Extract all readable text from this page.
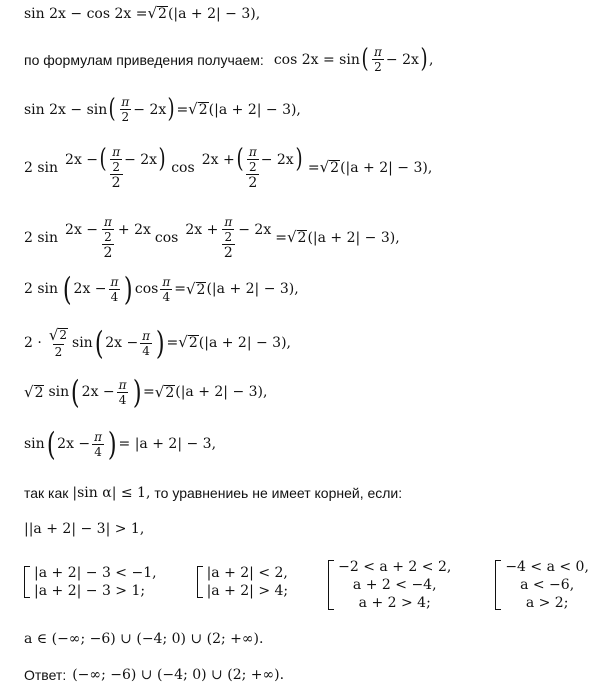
sin 2x − cos 2x = √ 2 (|a + 2| − 3),
по формулам приведения получаем: cos 2x = sin ( $\frac{\pi}{2} - 2x$ ) ,
sin 2x − sin ( $\frac{\pi}{2} - 2x$ ) = √ 2 (|a + 2| − 3),
2 $\sin \frac{2x - ( \frac{\pi}{2} - 2x )}{2}$ $\cos \frac{2x + ( \frac{\pi}{2} - 2x )}{2}$ = √ 2 (|a + 2| − 3),
2 $\sin \frac{2x - \frac{\pi}{2} + 2x}{2}$ $\cos \frac{2x + \frac{\pi}{2} - 2x}{2}$ = √ 2 (|a + 2| − 3),
2 sin ( $2x - \frac{\pi}{4}$ ) $\cos \frac{\pi}{4}$ = √ 2 (|a + 2| − 3),
$2 \cdot \frac{√ 2}{2}$ sin ( $2x - \frac{\pi}{4}$ ) = √ 2 (|a + 2| − 3),
√ 2 sin ( $2x - \frac{\pi}{4}$ ) = √ 2 (|a + 2| − 3),
sin ( $2x - \frac{\pi}{4}$ ) = |a + 2| − 3,
так как |sin α| ≤ 1, то уравнениеь не имеет корней, если:
||a + 2| − 3| > 1,
|a + 2| − 3 < −1,
|a + 2| − 3 > 1;
|a + 2| < 2,
|a + 2| > 4;
−2 < a + 2 < 2,
a + 2 < −4,
a + 2 > 4;
−4 < a < 0,
a < −6,
a > 2;
a ∈ (−∞; −6) ∪ (−4; 0) ∪ (2; +∞).
Ответ: (−∞; −6) ∪ (−4; 0) ∪ (2; +∞).
